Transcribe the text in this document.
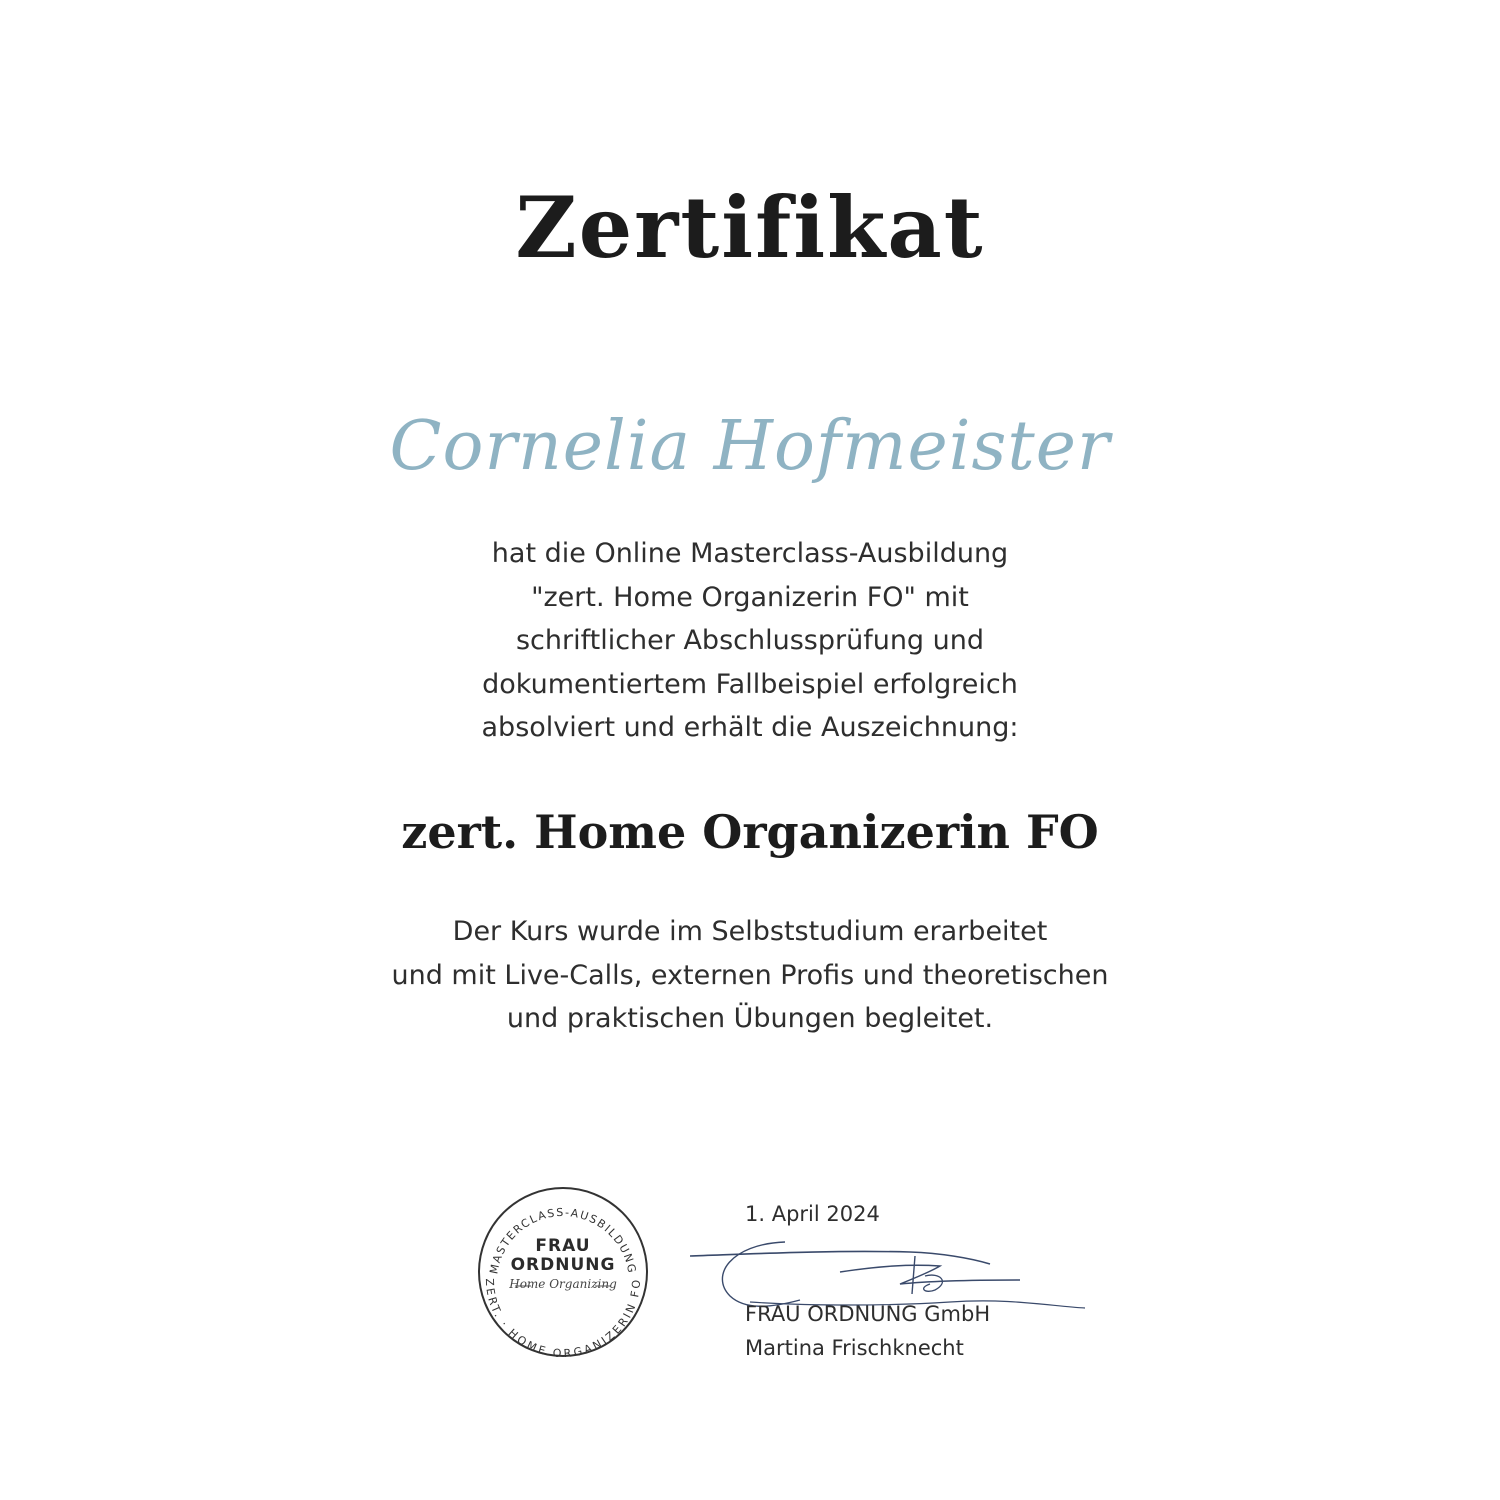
Zertifikat
Cornelia Hofmeister
hat die Online Masterclass-Ausbildung
"zert. Home Organizerin FO" mit
schriftlicher Abschlussprüfung und
dokumentiertem Fallbeispiel erfolgreich
absolviert und erhält die Auszeichnung:
zert. Home Organizerin FO
Der Kurs wurde im Selbststudium erarbeitet
und mit Live-Calls, externen Profis und theoretischen
und praktischen Übungen begleitet.
MASTERCLASS-AUSBILDUNG
ZERT. · HOME ORGANIZERIN FO
FRAU
ORDNUNG
Home Organizing
1. April 2024
FRAU ORDNUNG GmbH
Martina Frischknecht
